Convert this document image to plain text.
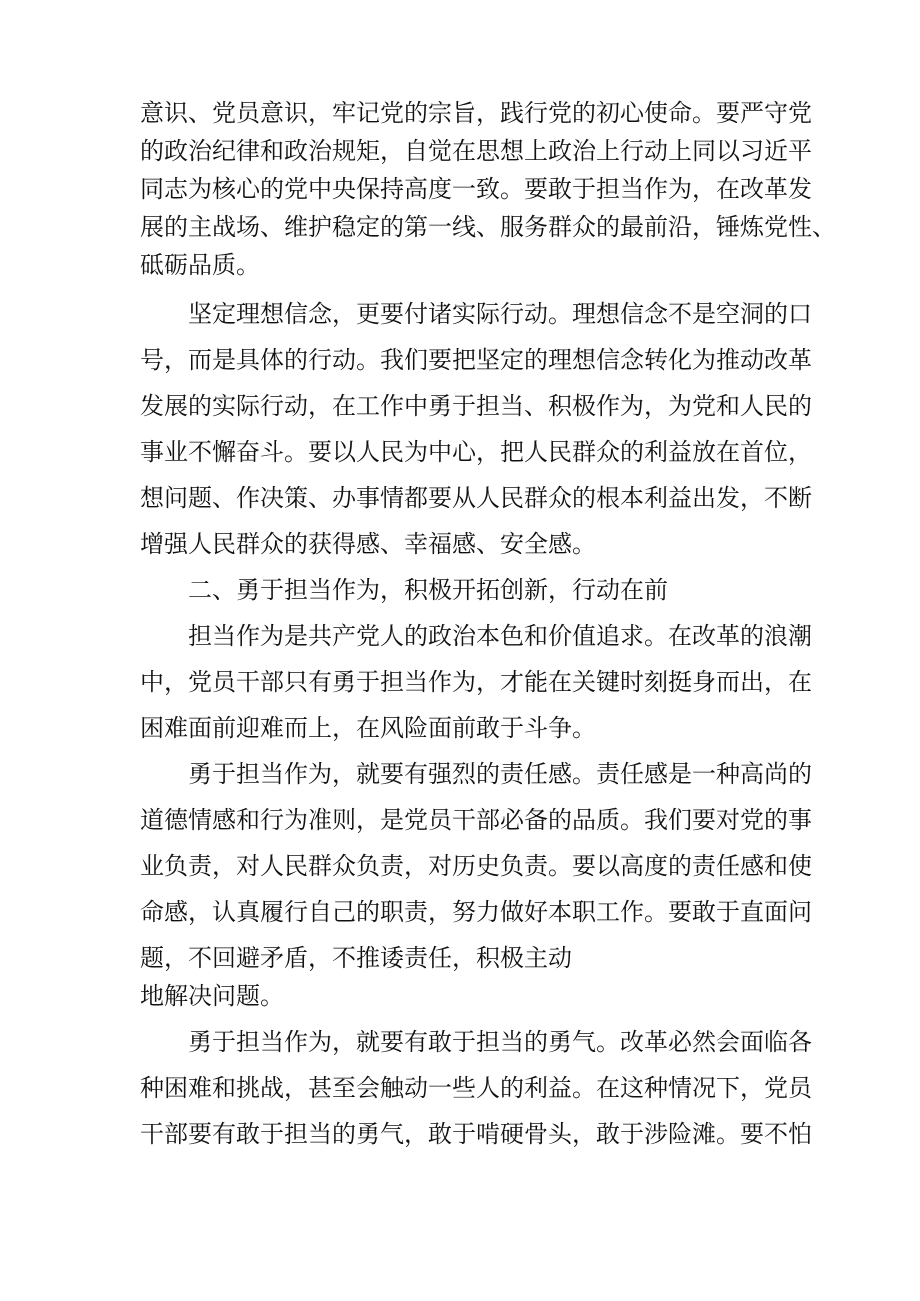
意识、党员意识，牢记党的宗旨，践行党的初心使命。要严守党
的政治纪律和政治规矩，自觉在思想上政治上行动上同以习近平
同志为核心的党中央保持高度一致。要敢于担当作为，在改革发
展的主战场、维护稳定的第一线、服务群众的最前沿，锤炼党性、
砥砺品质。
坚定理想信念，更要付诸实际行动。理想信念不是空洞的口
号，而是具体的行动。我们要把坚定的理想信念转化为推动改革
发展的实际行动，在工作中勇于担当、积极作为，为党和人民的
事业不懈奋斗。要以人民为中心，把人民群众的利益放在首位，
想问题、作决策、办事情都要从人民群众的根本利益出发，不断
增强人民群众的获得感、幸福感、安全感。
二、勇于担当作为，积极开拓创新，行动在前
担当作为是共产党人的政治本色和价值追求。在改革的浪潮
中，党员干部只有勇于担当作为，才能在关键时刻挺身而出，在
困难面前迎难而上，在风险面前敢于斗争。
勇于担当作为，就要有强烈的责任感。责任感是一种高尚的
道德情感和行为准则，是党员干部必备的品质。我们要对党的事
业负责，对人民群众负责，对历史负责。要以高度的责任感和使
命感，认真履行自己的职责，努力做好本职工作。要敢于直面问
题，不回避矛盾，不推诿责任，积极主动
地解决问题。
勇于担当作为，就要有敢于担当的勇气。改革必然会面临各
种困难和挑战，甚至会触动一些人的利益。在这种情况下，党员
干部要有敢于担当的勇气，敢于啃硬骨头，敢于涉险滩。要不怕
